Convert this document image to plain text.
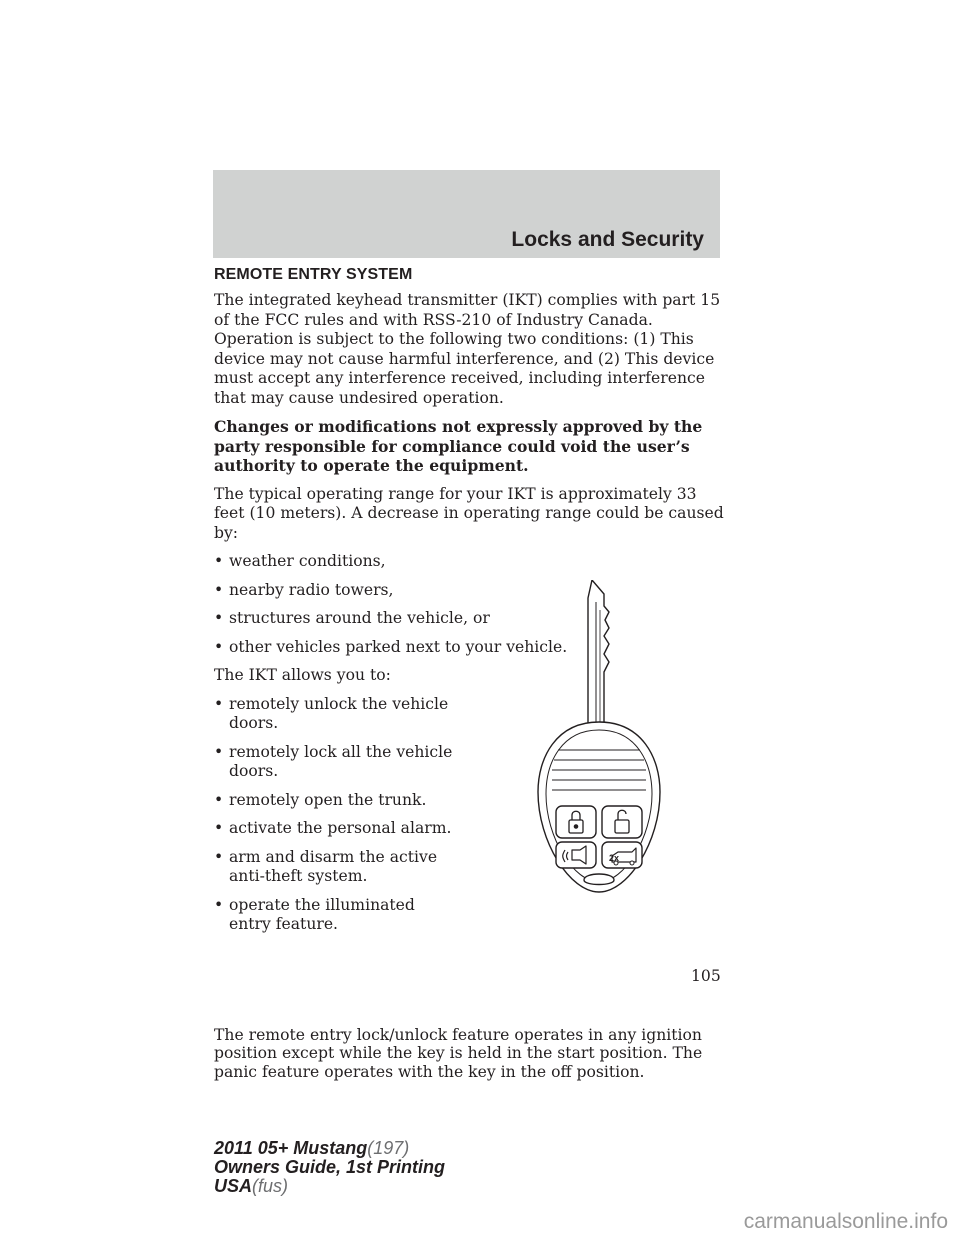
Locks and Security
REMOTE ENTRY SYSTEM

The integrated keyhead transmitter (IKT) complies with part 15 of the FCC rules and with RSS-210 of Industry Canada. Operation is subject to the following two conditions: (1) This device may not cause harmful interference, and (2) This device must accept any interference received, including interference that may cause undesired operation.

Changes or modifications not expressly approved by the party responsible for compliance could void the user’s authority to operate the equipment.

The typical operating range for your IKT is approximately 33 feet (10 meters). A decrease in operating range could be caused by:

• weather conditions,
• nearby radio towers,
• structures around the vehicle, or
• other vehicles parked next to your vehicle.

The IKT allows you to:

• remotely unlock the vehicle doors.
• remotely lock all the vehicle doors.
• remotely open the trunk.
• activate the personal alarm.
• arm and disarm the active anti-theft system.
• operate the illuminated entry feature.

The remote entry lock/unlock feature operates in any ignition position except while the key is held in the start position. The panic feature operates with the key in the off position.

2x
105
2011 05+ Mustang(197)
Owners Guide, 1st Printing
USA(fus)
carmanualsonline.info
